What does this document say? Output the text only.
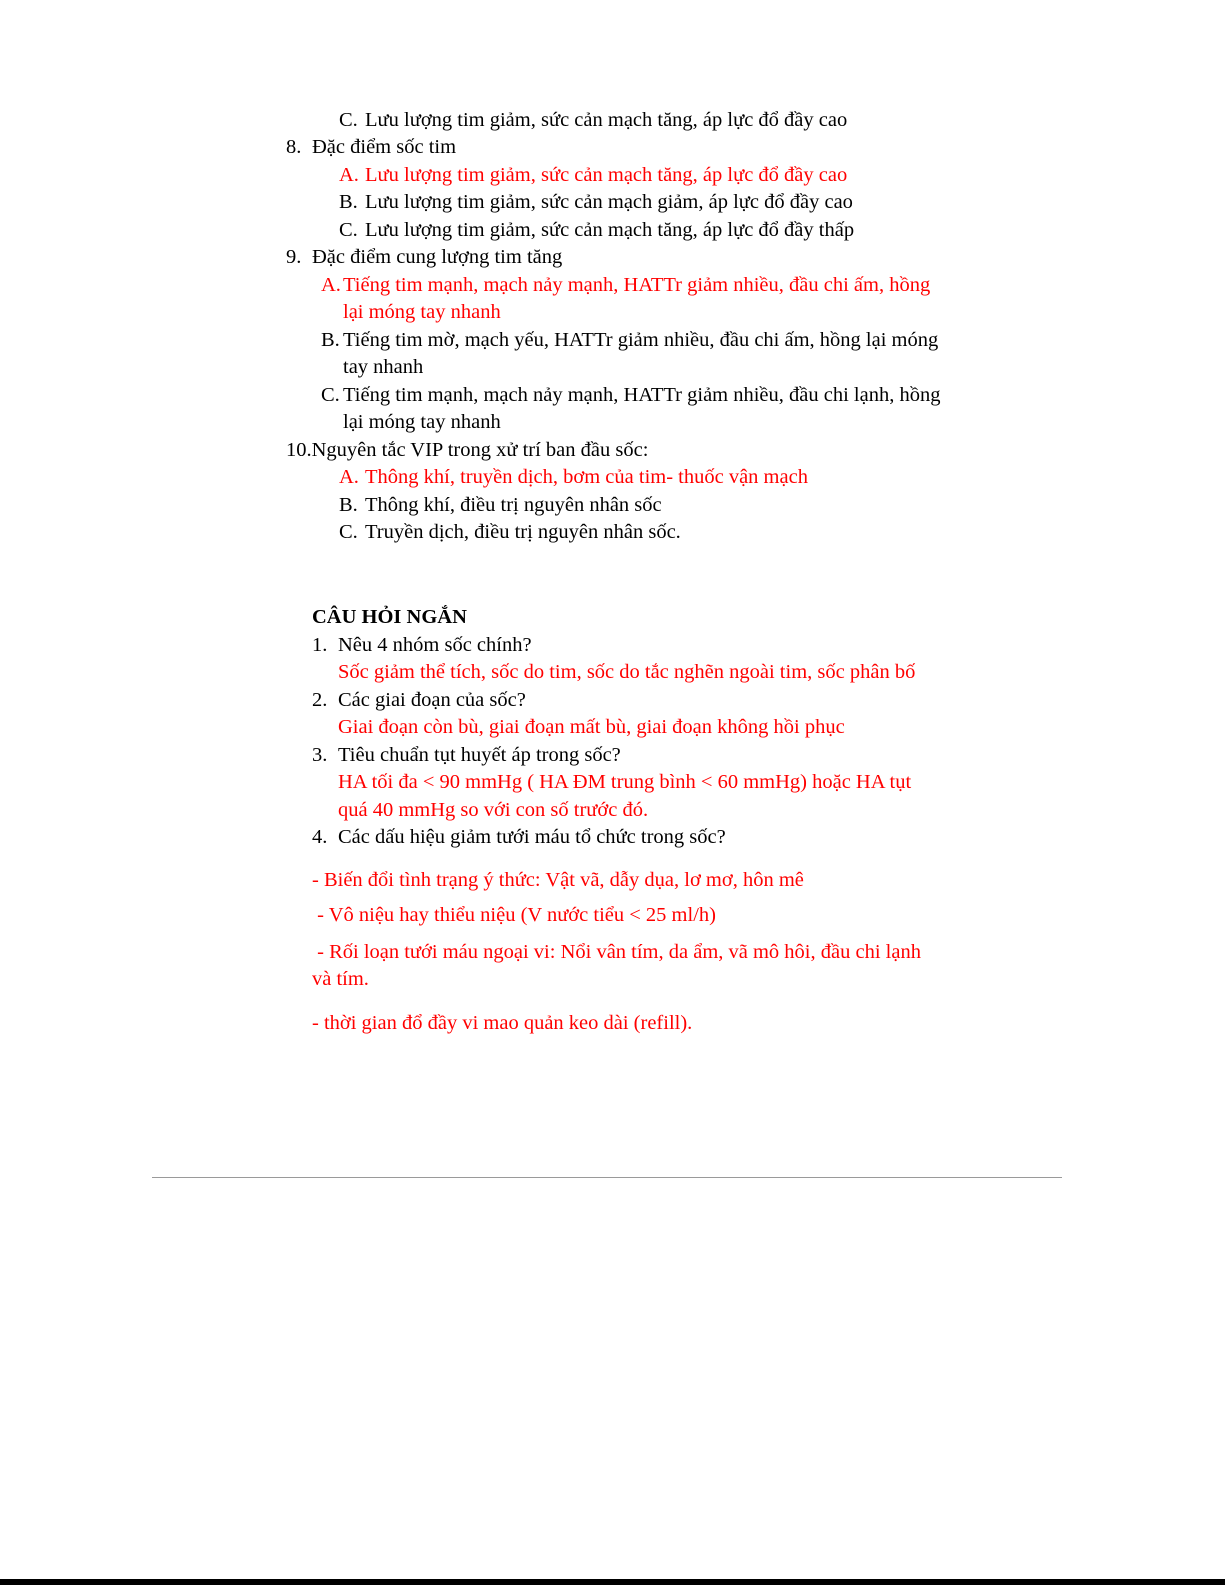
C. Lưu lượng tim giảm, sức cản mạch tăng, áp lực đổ đầy cao
8. Đặc điểm sốc tim
A. Lưu lượng tim giảm, sức cản mạch tăng, áp lực đổ đầy cao
B. Lưu lượng tim giảm, sức cản mạch giảm, áp lực đổ đầy cao
C. Lưu lượng tim giảm, sức cản mạch tăng, áp lực đổ đầy thấp
9. Đặc điểm cung lượng tim tăng
A. Tiếng tim mạnh, mạch nảy mạnh, HATTr giảm nhiều, đầu chi ấm, hồng
lại móng tay nhanh
B. Tiếng tim mờ, mạch yếu, HATTr giảm nhiều, đầu chi ấm, hồng lại móng
tay nhanh
C. Tiếng tim mạnh, mạch nảy mạnh, HATTr giảm nhiều, đầu chi lạnh, hồng
lại móng tay nhanh
10.Nguyên tắc VIP trong xử trí ban đầu sốc:
A. Thông khí, truyền dịch, bơm của tim- thuốc vận mạch
B. Thông khí, điều trị nguyên nhân sốc
C. Truyền dịch, điều trị nguyên nhân sốc.
CÂU HỎI NGẮN
1. Nêu 4 nhóm sốc chính?
Sốc giảm thể tích, sốc do tim, sốc do tắc nghẽn ngoài tim, sốc phân bố
2. Các giai đoạn của sốc?
Giai đoạn còn bù, giai đoạn mất bù, giai đoạn không hồi phục
3. Tiêu chuẩn tụt huyết áp trong sốc?
HA tối đa < 90 mmHg ( HA ĐM trung bình < 60 mmHg) hoặc HA tụt
quá 40 mmHg so với con số trước đó.
4. Các dấu hiệu giảm tưới máu tổ chức trong sốc?
- Biến đổi tình trạng ý thức: Vật vã, dẫy dụa, lơ mơ, hôn mê
- Vô niệu hay thiểu niệu (V nước tiểu < 25 ml/h)
- Rối loạn tưới máu ngoại vi: Nổi vân tím, da ẩm, vã mô hôi, đầu chi lạnh
và tím.
- thời gian đổ đầy vi mao quản keo dài (refill).
